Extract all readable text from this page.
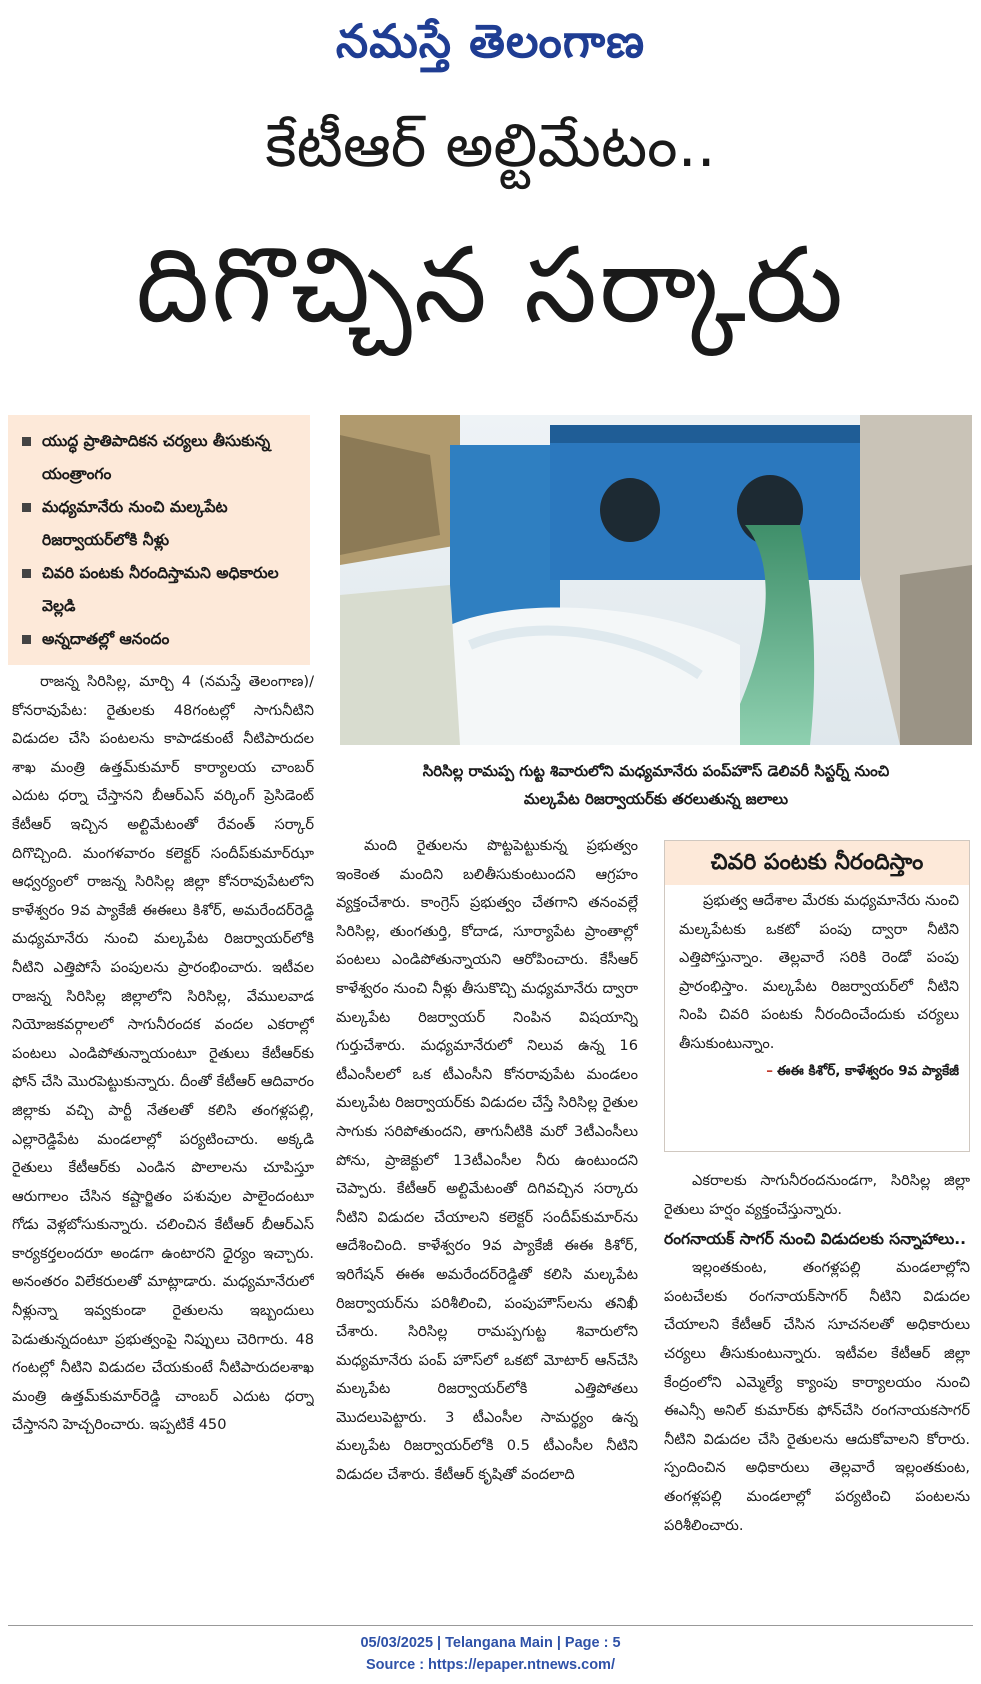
నమస్తే తెలంగాణ
కేటీఆర్ అల్టిమేటం..
దిగొచ్చిన సర్కారు
యుద్ధ ప్రాతిపాదికన చర్యలు తీసుకున్న యంత్రాంగం
మధ్యమానేరు నుంచి మల్కపేట రిజర్వాయర్‌లోకి నీళ్లు
చివరి పంటకు నీరందిస్తామని అధికారుల వెల్లడి
అన్నదాతల్లో ఆనందం
సిరిసిల్ల రామప్ప గుట్ట శివారులోని మధ్యమానేరు పంప్‌హౌస్ డెలివరీ సిస్టర్న్ నుంచి
మల్కపేట రిజర్వాయర్‌కు తరలుతున్న జలాలు

రాజన్న సిరిసిల్ల, మార్చి 4 (నమస్తే తెలంగాణ)/ కోనరావుపేట: రైతులకు 48గంటల్లో సాగునీటిని విడుదల చేసి పంటలను కాపాడకుంటే నీటిపారుదల శాఖ మంత్రి ఉత్తమ్‌కుమార్ కార్యాలయ చాంబర్ ఎదుట ధర్నా చేస్తానని బీఆర్‌ఎస్ వర్కింగ్ ప్రెసిడెంట్ కేటీఆర్ ఇచ్చిన అల్టిమేటంతో రేవంత్ సర్కార్ దిగొచ్చింది. మంగళవారం కలెక్టర్ సందీప్‌కుమార్‌ఝా ఆధ్వర్యంలో రాజన్న సిరిసిల్ల జిల్లా కోనరావుపేటలోని కాళేశ్వరం 9వ ప్యాకేజీ ఈఈలు కిశోర్, అమరేందర్‌రెడ్డి మధ్యమానేరు నుంచి మల్కపేట రిజర్వాయర్‌లోకి నీటిని ఎత్తిపోసే పంపులను ప్రారంభించారు. ఇటీవల రాజన్న సిరిసిల్ల జిల్లాలోని సిరిసిల్ల, వేములవాడ నియోజకవర్గాలలో సాగునీరందక వందల ఎకరాల్లో పంటలు ఎండిపోతున్నాయంటూ రైతులు కేటీఆర్‌కు ఫోన్ చేసి మొరపెట్టుకున్నారు. దీంతో కేటీఆర్ ఆదివారం జిల్లాకు వచ్చి పార్టీ నేతలతో కలిసి తంగళ్లపల్లి, ఎల్లారెడ్డిపేట మండలాల్లో పర్యటించారు. అక్కడి రైతులు కేటీఆర్‌కు ఎండిన పొలాలను చూపిస్తూ ఆరుగాలం చేసిన కష్టార్జితం పశువుల పాలైందంటూ గోడు వెళ్లబోసుకున్నారు. చలించిన కేటీఆర్ బీఆర్‌ఎస్ కార్యకర్తలందరూ అండగా ఉంటారని ధైర్యం ఇచ్చారు. అనంతరం విలేకరులతో మాట్లాడారు. మధ్యమానేరులో నీళ్లున్నా ఇవ్వకుండా రైతులను ఇబ్బందులు పెడుతున్నదంటూ ప్రభుత్వంపై నిప్పులు చెరిగారు. 48 గంటల్లో నీటిని విడుదల చేయకుంటే నీటిపారుదలశాఖ మంత్రి ఉత్తమ్‌కుమార్‌రెడ్డి చాంబర్ ఎదుట ధర్నా చేస్తానని హెచ్చరించారు. ఇప్పటికే 450

మంది రైతులను పొట్టపెట్టుకున్న ప్రభుత్వం ఇంకెంత మందిని బలితీసుకుంటుందని ఆగ్రహం వ్యక్తంచేశారు. కాంగ్రెస్ ప్రభుత్వం చేతగాని తనంవల్లే సిరిసిల్ల, తుంగతుర్తి, కోదాడ, సూర్యాపేట ప్రాంతాల్లో పంటలు ఎండిపోతున్నాయని ఆరోపించారు. కేసీఆర్ కాళేశ్వరం నుంచి నీళ్లు తీసుకొచ్చి మధ్యమానేరు ద్వారా మల్కపేట రిజర్వాయర్ నింపిన విషయాన్ని గుర్తుచేశారు. మధ్యమానేరులో నిలువ ఉన్న 16 టీఎంసీలలో ఒక టీఎంసీని కోనరావుపేట మండలం మల్కపేట రిజర్వాయర్‌కు విడుదల చేస్తే సిరిసిల్ల రైతుల సాగుకు సరిపోతుందని, తాగునీటికి మరో 3టీఎంసీలు పోను, ప్రాజెక్టులో 13టీఎంసీల నీరు ఉంటుందని చెప్పారు. కేటీఆర్ అల్టిమేటంతో దిగివచ్చిన సర్కారు నీటిని విడుదల చేయాలని కలెక్టర్ సందీప్‌కుమార్‌ను ఆదేశించింది. కాళేశ్వరం 9వ ప్యాకేజీ ఈఈ కిశోర్, ఇరిగేషన్ ఈఈ అమరేందర్‌రెడ్డితో కలిసి మల్కపేట రిజర్వాయర్‌ను పరిశీలించి, పంపుహౌస్‌లను తనిఖీ చేశారు. సిరిసిల్ల రామప్పగుట్ట శివారులోని మధ్యమానేరు పంప్ హౌస్‌లో ఒకటో మోటార్ ఆన్‌చేసి మల్కపేట రిజర్వాయర్‌లోకి ఎత్తిపోతలు మొదలుపెట్టారు. 3 టీఎంసీల సామర్థ్యం ఉన్న మల్కపేట రిజర్వాయర్‌లోకి 0.5 టీఎంసీల నీటిని విడుదల చేశారు. కేటీఆర్ కృషితో వందలాది

చివరి పంటకు నీరందిస్తాం

ప్రభుత్వ ఆదేశాల మేరకు మధ్యమానేరు నుంచి మల్కపేటకు ఒకటో పంపు ద్వారా నీటిని ఎత్తిపోస్తున్నాం. తెల్లవారే సరికి రెండో పంపు ప్రారంభిస్తాం. మల్కపేట రిజర్వాయర్‌లో నీటిని నింపి చివరి పంటకు నీరందించేందుకు చర్యలు తీసుకుంటున్నాం.

– ఈఈ కిశోర్, కాళేశ్వరం 9వ ప్యాకేజీ

ఎకరాలకు సాగునీరందనుండగా, సిరిసిల్ల జిల్లా రైతులు హర్షం వ్యక్తంచేస్తున్నారు.

రంగనాయక్ సాగర్ నుంచి విడుదలకు సన్నాహాలు..

ఇల్లంతకుంట, తంగళ్లపల్లి మండలాల్లోని పంటచేలకు రంగనాయక్‌సాగర్ నీటిని విడుదల చేయాలని కేటీఆర్ చేసిన సూచనలతో అధికారులు చర్యలు తీసుకుంటున్నారు. ఇటీవల కేటీఆర్ జిల్లా కేంద్రంలోని ఎమ్మెల్యే క్యాంపు కార్యాలయం నుంచి ఈఎన్సీ అనిల్ కుమార్‌కు ఫోన్‌చేసి రంగనాయకసాగర్ నీటిని విడుదల చేసి రైతులను ఆదుకోవాలని కోరారు. స్పందించిన అధికారులు తెల్లవారే ఇల్లంతకుంట, తంగళ్లపల్లి మండలాల్లో పర్యటించి పంటలను పరిశీలించారు.

05/03/2025 | Telangana Main | Page : 5
Source : https://epaper.ntnews.com/
